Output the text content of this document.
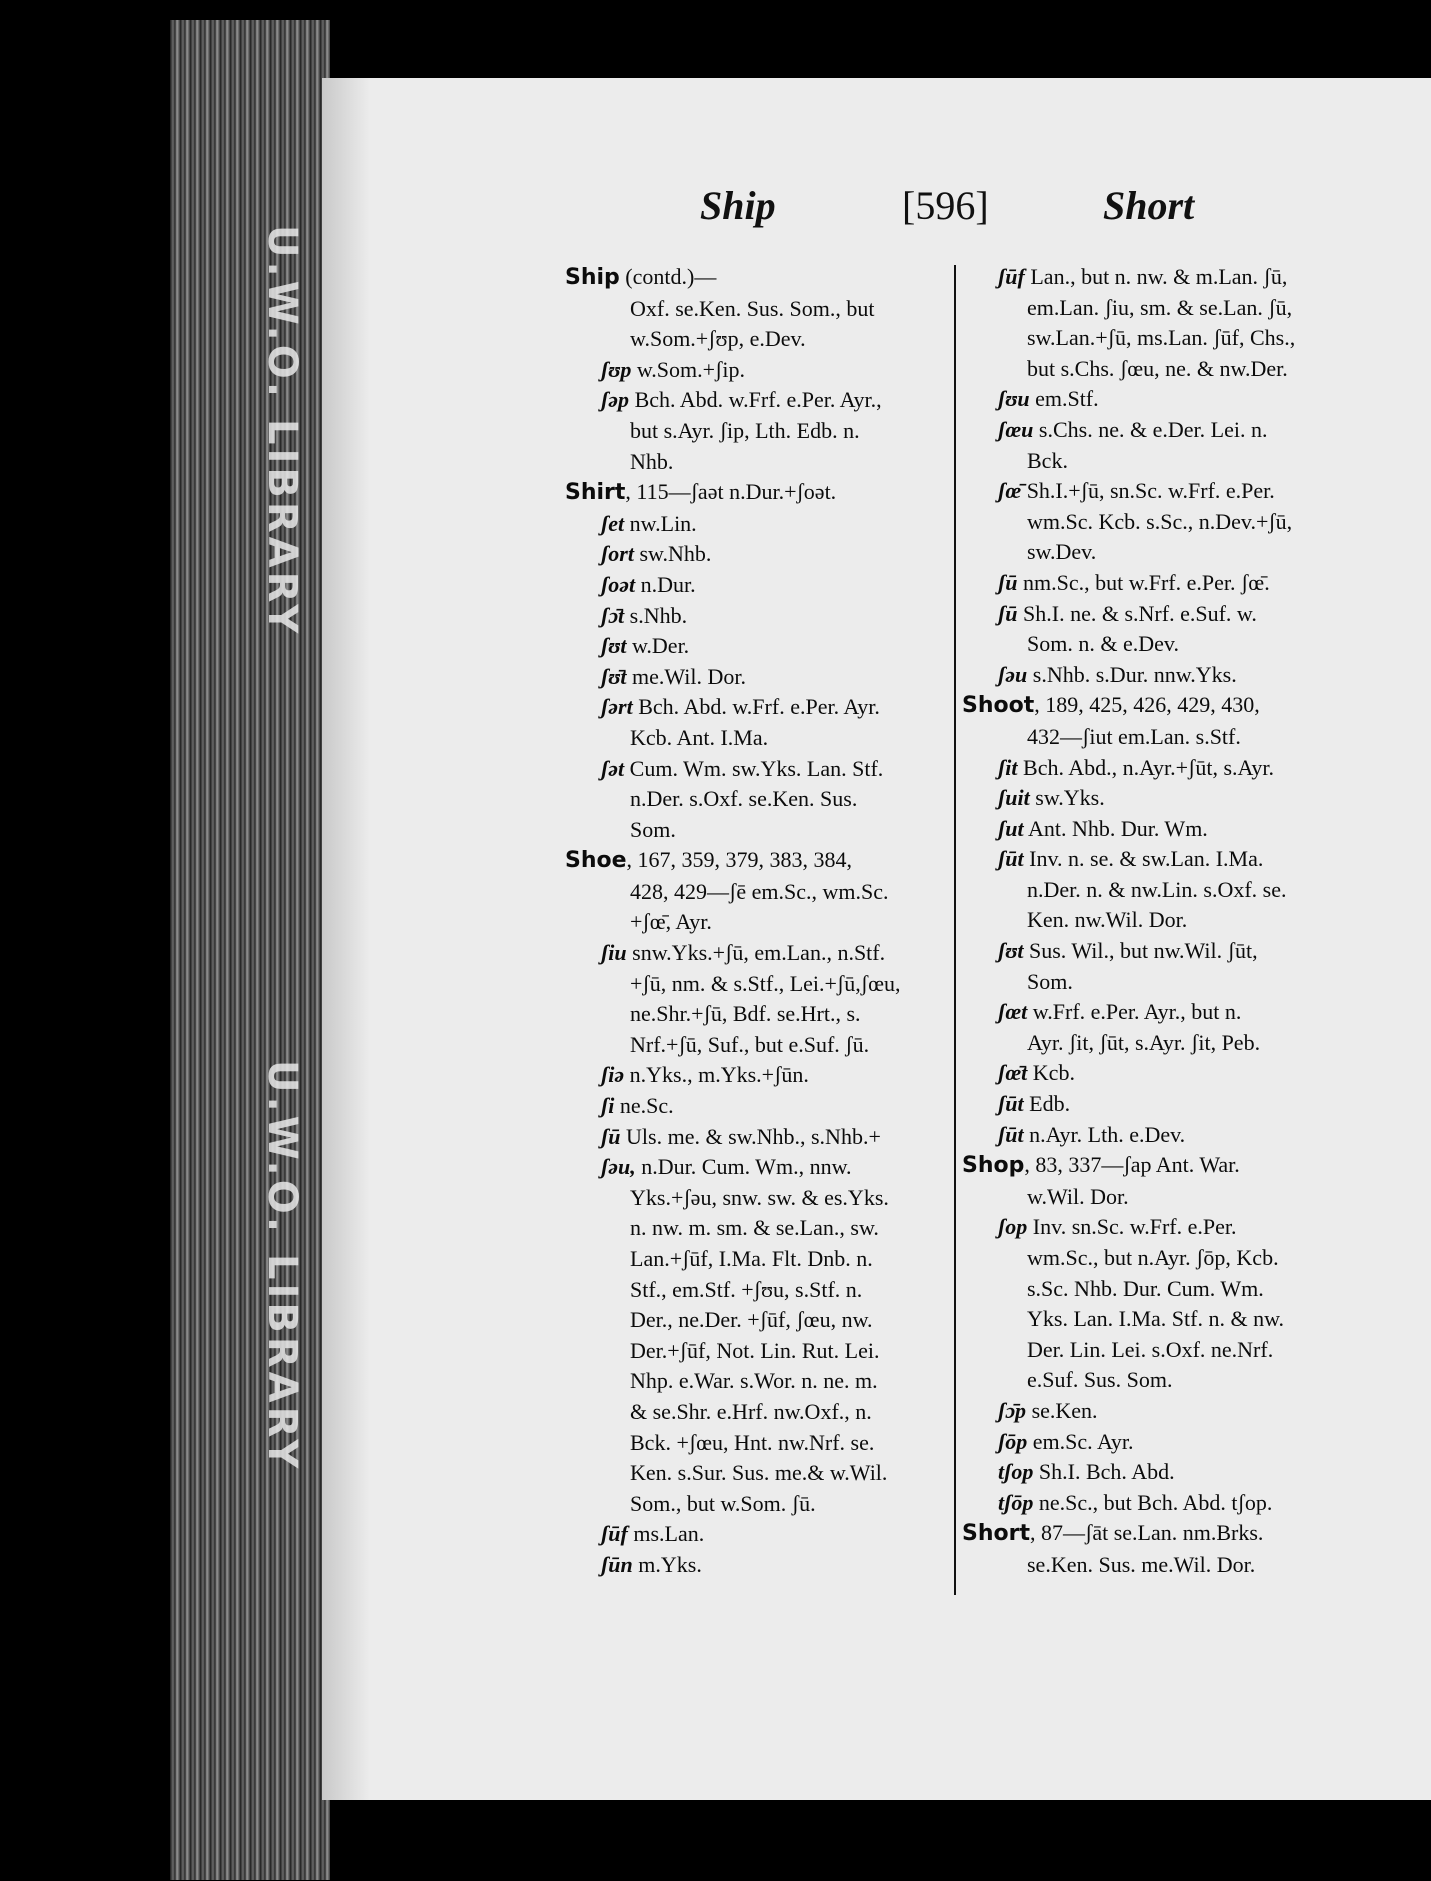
U.W.O. LIBRARY
U.W.O. LIBRARY
Ship	[596]	Short
Ship (contd.)—
Oxf. se.Ken. Sus. Som., but
w.Som.+ʃʊp, e.Dev.
ʃʊp w.Som.+ʃip.
ʃəp Bch. Abd. w.Frf. e.Per. Ayr.,
but s.Ayr. ʃip, Lth. Edb. n.
Nhb.
Shirt, 115—ʃaət n.Dur.+ʃoət.
ʃet nw.Lin.
ʃort sw.Nhb.
ʃoət n.Dur.
ʃɔ̄t s.Nhb.
ʃʊt w.Der.
ʃʊ̄t me.Wil. Dor.
ʃərt Bch. Abd. w.Frf. e.Per. Ayr.
Kcb. Ant. I.Ma.
ʃət Cum. Wm. sw.Yks. Lan. Stf.
n.Der. s.Oxf. se.Ken. Sus.
Som.
Shoe, 167, 359, 379, 383, 384,
428, 429—ʃē em.Sc., wm.Sc.
+ʃœ̄, Ayr.
ʃiu snw.Yks.+ʃū, em.Lan., n.Stf.
+ʃū, nm. & s.Stf., Lei.+ʃū,ʃœu,
ne.Shr.+ʃū, Bdf. se.Hrt., s.
Nrf.+ʃū, Suf., but e.Suf. ʃū.
ʃiə n.Yks., m.Yks.+ʃūn.
ʃi ne.Sc.
ʃū Uls. me. & sw.Nhb., s.Nhb.+
ʃəu, n.Dur. Cum. Wm., nnw.
Yks.+ʃəu, snw. sw. & es.Yks.
n. nw. m. sm. & se.Lan., sw.
Lan.+ʃūf, I.Ma. Flt. Dnb. n.
Stf., em.Stf. +ʃʊu, s.Stf. n.
Der., ne.Der. +ʃūf, ʃœu, nw.
Der.+ʃūf, Not. Lin. Rut. Lei.
Nhp. e.War. s.Wor. n. ne. m.
& se.Shr. e.Hrf. nw.Oxf., n.
Bck. +ʃœu, Hnt. nw.Nrf. se.
Ken. s.Sur. Sus. me.& w.Wil.
Som., but w.Som. ʃū.
ʃūf ms.Lan.
ʃūn m.Yks.
ʃūf Lan., but n. nw. & m.Lan. ʃū,
em.Lan. ʃiu, sm. & se.Lan. ʃū,
sw.Lan.+ʃū, ms.Lan. ʃūf, Chs.,
but s.Chs. ʃœu, ne. & nw.Der.
ʃʊu em.Stf.
ʃœu s.Chs. ne. & e.Der. Lei. n.
Bck.
ʃœ̄ Sh.I.+ʃū, sn.Sc. w.Frf. e.Per.
wm.Sc. Kcb. s.Sc., n.Dev.+ʃū,
sw.Dev.
ʃū nm.Sc., but w.Frf. e.Per. ʃœ̄.
ʃū Sh.I. ne. & s.Nrf. e.Suf. w.
Som. n. & e.Dev.
ʃəu s.Nhb. s.Dur. nnw.Yks.
Shoot, 189, 425, 426, 429, 430,
432—ʃiut em.Lan. s.Stf.
ʃit Bch. Abd., n.Ayr.+ʃūt, s.Ayr.
ʃuit sw.Yks.
ʃut Ant. Nhb. Dur. Wm.
ʃūt Inv. n. se. & sw.Lan. I.Ma.
n.Der. n. & nw.Lin. s.Oxf. se.
Ken. nw.Wil. Dor.
ʃʊt Sus. Wil., but nw.Wil. ʃūt,
Som.
ʃœt w.Frf. e.Per. Ayr., but n.
Ayr. ʃit, ʃūt, s.Ayr. ʃit, Peb.
ʃœ̄t Kcb.
ʃūt Edb.
ʃūt n.Ayr. Lth. e.Dev.
Shop, 83, 337—ʃap Ant. War.
w.Wil. Dor.
ʃop Inv. sn.Sc. w.Frf. e.Per.
wm.Sc., but n.Ayr. ʃōp, Kcb.
s.Sc. Nhb. Dur. Cum. Wm.
Yks. Lan. I.Ma. Stf. n. & nw.
Der. Lin. Lei. s.Oxf. ne.Nrf.
e.Suf. Sus. Som.
ʃɔ̄p se.Ken.
ʃōp em.Sc. Ayr.
tʃop Sh.I. Bch. Abd.
tʃōp ne.Sc., but Bch. Abd. tʃop.
Short, 87—ʃāt se.Lan. nm.Brks.
se.Ken. Sus. me.Wil. Dor.
